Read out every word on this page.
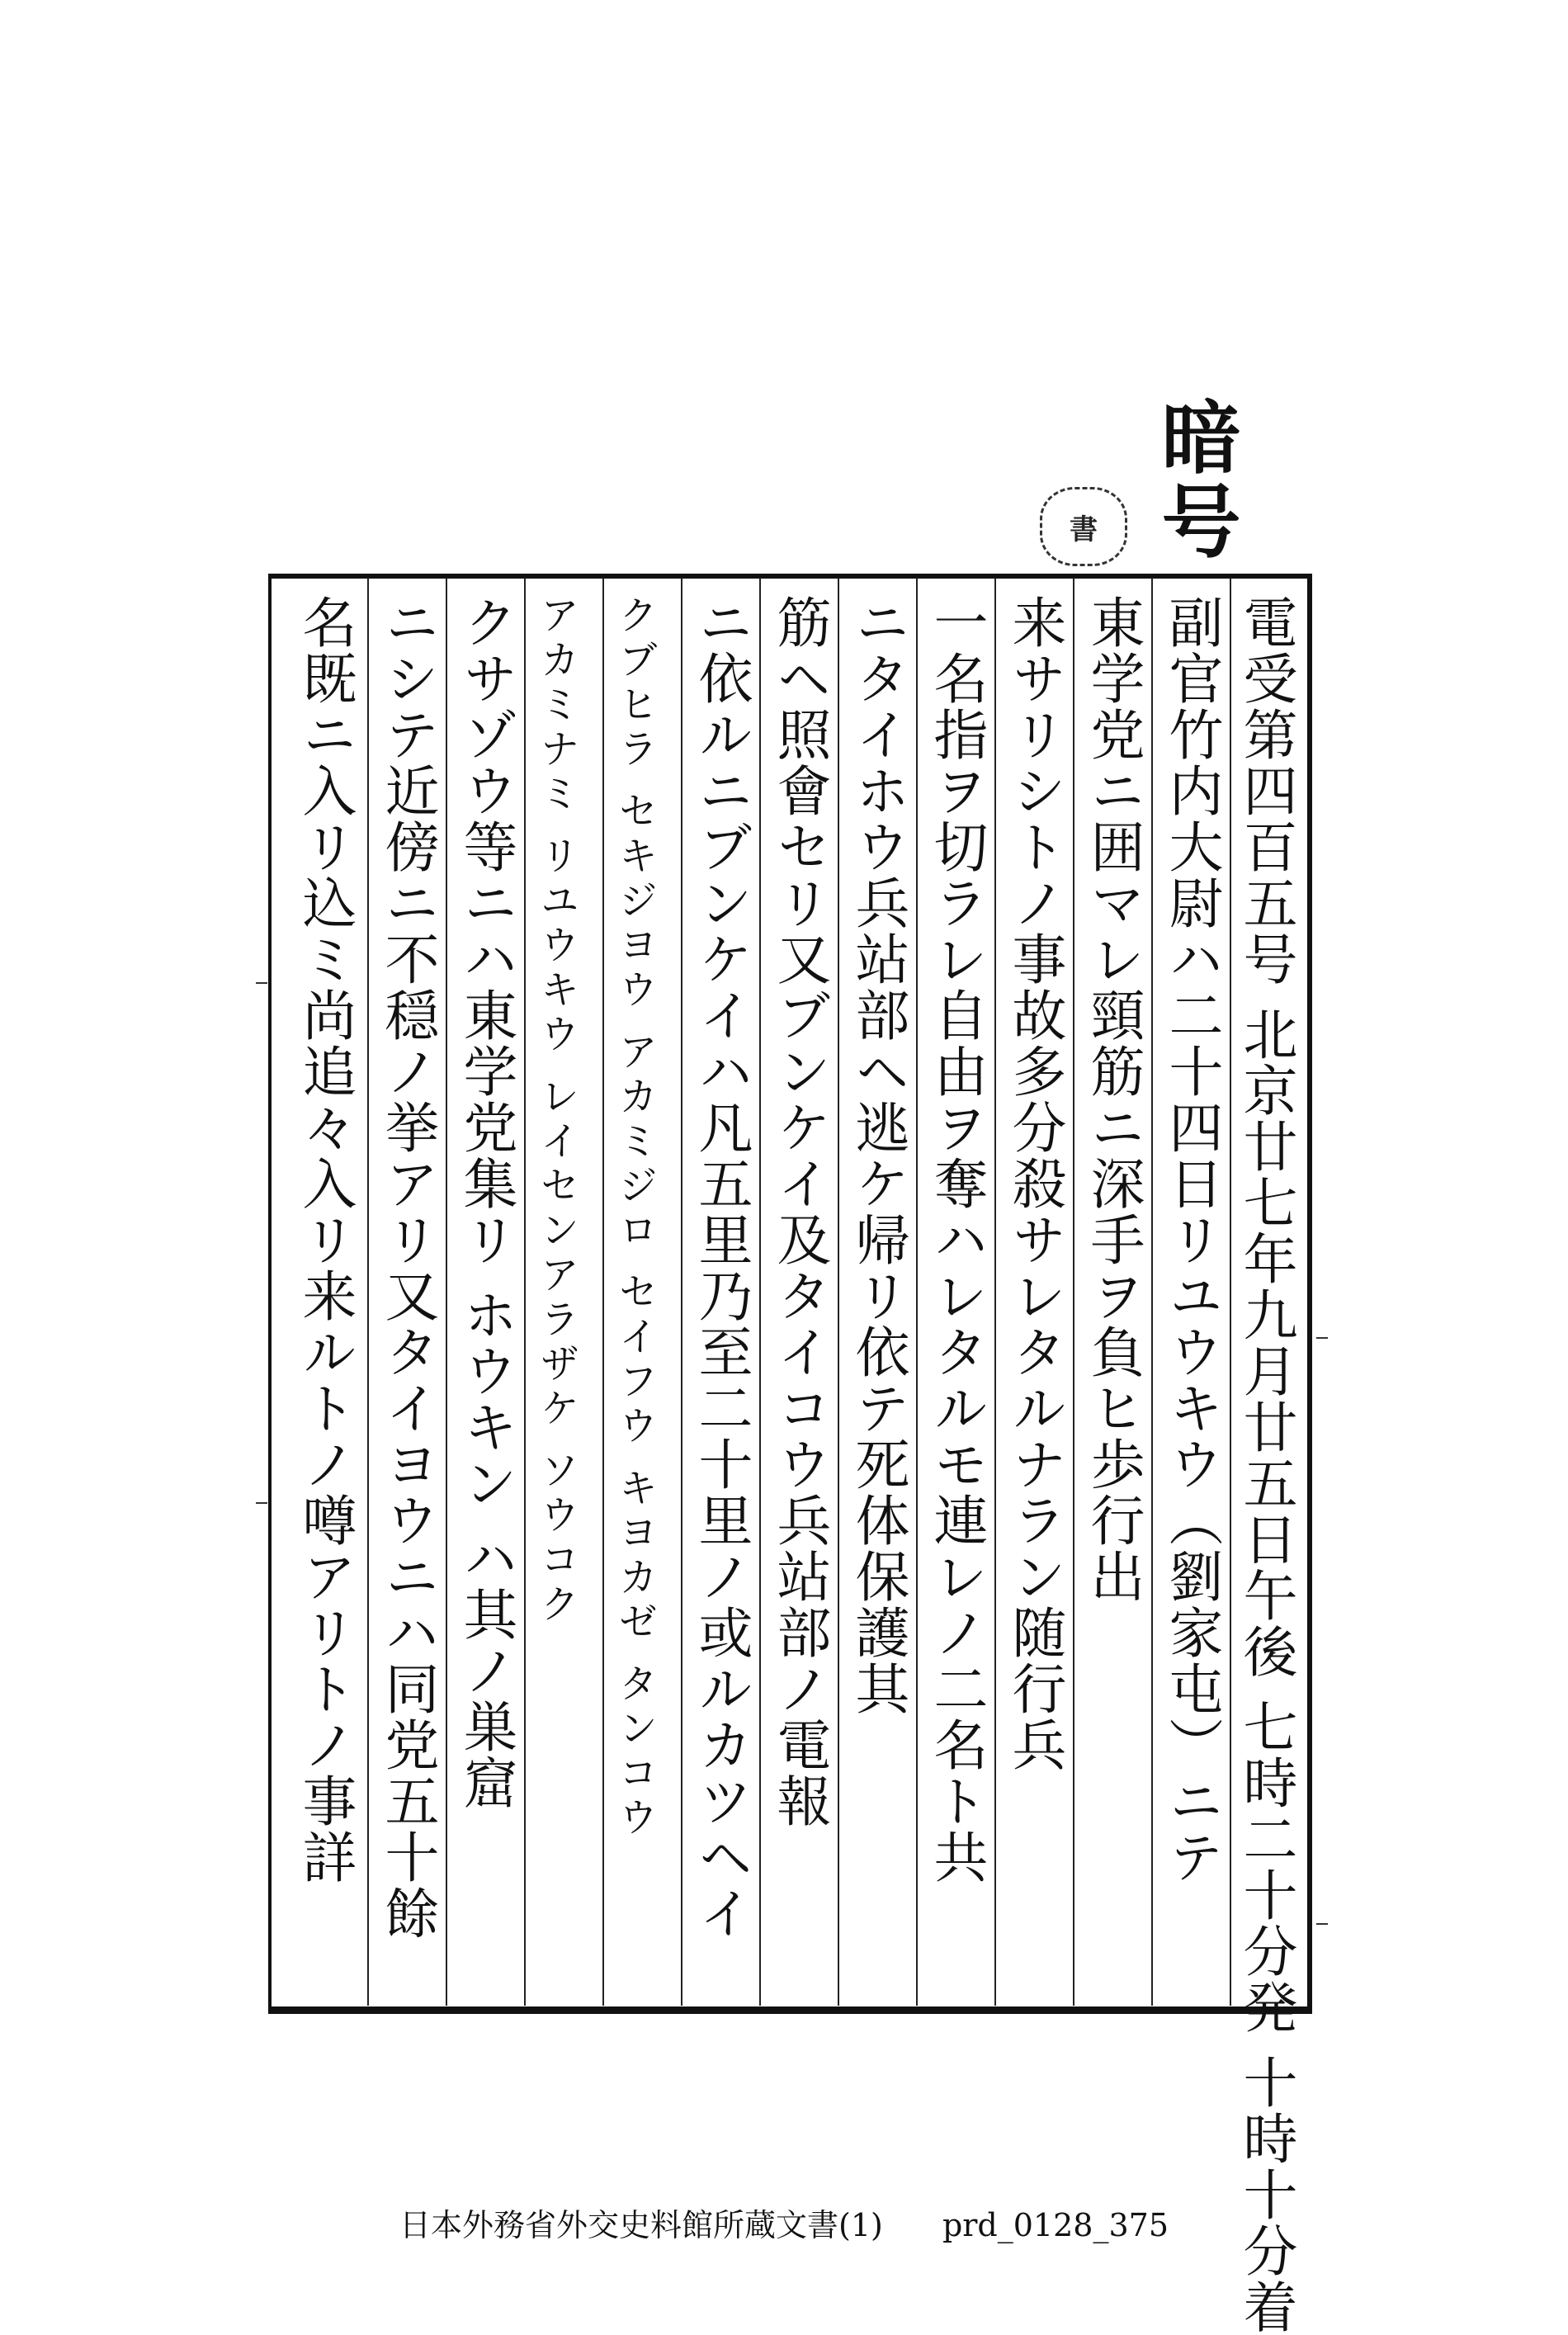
暗号
書
電受第四百五号 北京廿七年九月廿五日午後 七時二十分発 十時十分着
副官竹内大尉ハ二十四日リユウキウ（劉家屯）ニテ
東学党ニ囲マレ頸筋ニ深手ヲ負ヒ歩行出
来サリシトノ事故多分殺サレタルナラン随行兵
一名指ヲ切ラレ自由ヲ奪ハレタルモ連レノ二名ト共
ニタイホウ兵站部ヘ逃ケ帰リ依テ死体保護其
筋ヘ照會セリ又ブンケイ及タイコウ兵站部ノ電報
ニ依ルニブンケイハ凡五里乃至二十里ノ或ルカツヘイ
クブヒラ セキジヨウ アカミジロ セイフウ キヨカゼ タンコウ
アカミナミ リユウキウ レイセンアラザケ ソウコク
クサゾウ等ニハ東学党集リ ホウキン ハ其ノ巣窟
ニシテ近傍ニ不穏ノ挙アリ又タイヨウニハ同党五十餘
名既ニ入リ込ミ尚追々入リ来ルトノ噂アリトノ事詳
日本外務省外交史料館所蔵文書(1) prd_0128_375
